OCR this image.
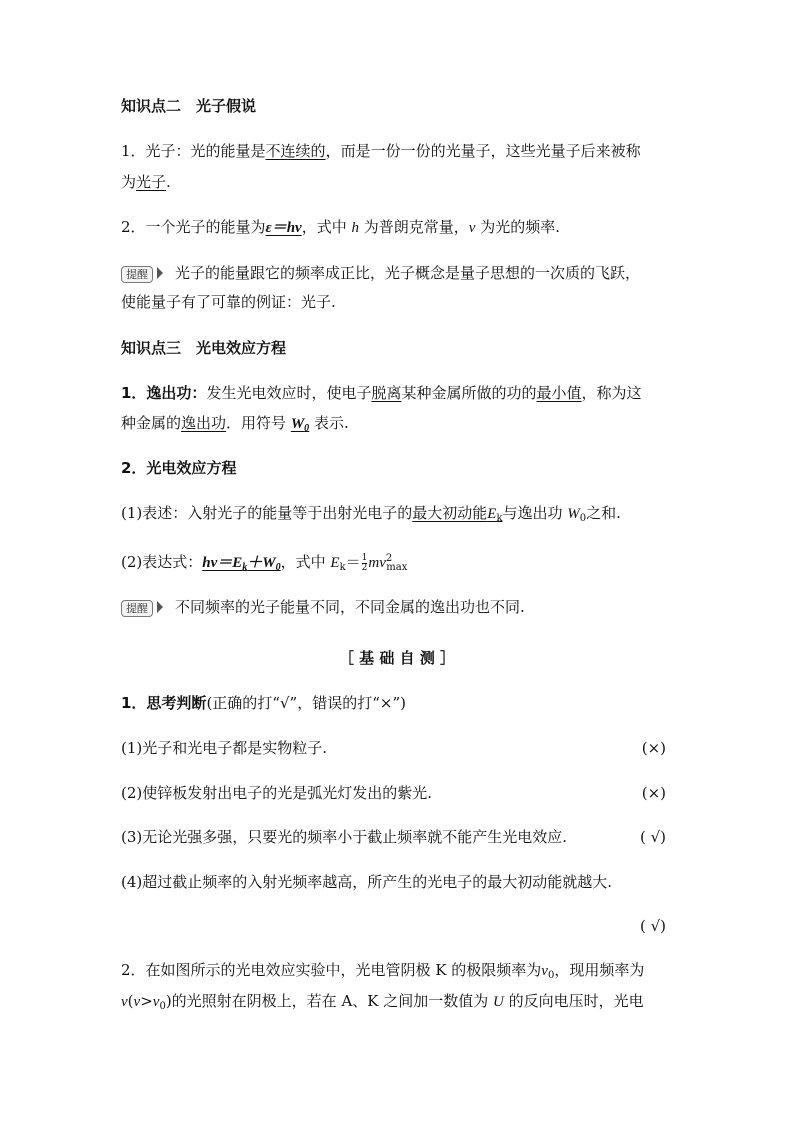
知识点二　光子假说
1．光子：光的能量是不连续的，而是一份一份的光量子，这些光量子后来被称
为光子.
2．一个光子的能量为ε＝hν，式中 h 为普朗克常量，ν 为光的频率.
提醒 光子的能量跟它的频率成正比，光子概念是量子思想的一次质的飞跃，
使能量子有了可靠的例证：光子.
知识点三　光电效应方程
1．逸出功：发生光电效应时，使电子脱离某种金属所做的功的最小值，称为这
种金属的逸出功．用符号 $W_0$ 表示.
2．光电效应方程
(1)表述：入射光子的能量等于出射光电子的最大初动能$E_k$与逸出功 $W_0$之和.
(2)表达式：$h\nu=E_k+W_0$，式中 $E_k= \frac{1}{2} mv^2_{max}$
提醒 不同频率的光子能量不同，不同金属的逸出功也不同.
［ 基 础 自 测 ］
1．思考判断(正确的打“√”，错误的打“×”)
(1)光子和光电子都是实物粒子.	(×)
(2)使锌板发射出电子的光是弧光灯发出的紫光.	(×)
(3)无论光强多强，只要光的频率小于截止频率就不能产生光电效应.	( √)
(4)超过截止频率的入射光频率越高，所产生的光电子的最大初动能就越大.
( √)
2．在如图所示的光电效应实验中，光电管阴极 K 的极限频率为$\nu_0$，现用频率为
$\nu(\nu>\nu_0)$的光照射在阴极上，若在 A、K 之间加一数值为 U 的反向电压时，光电
